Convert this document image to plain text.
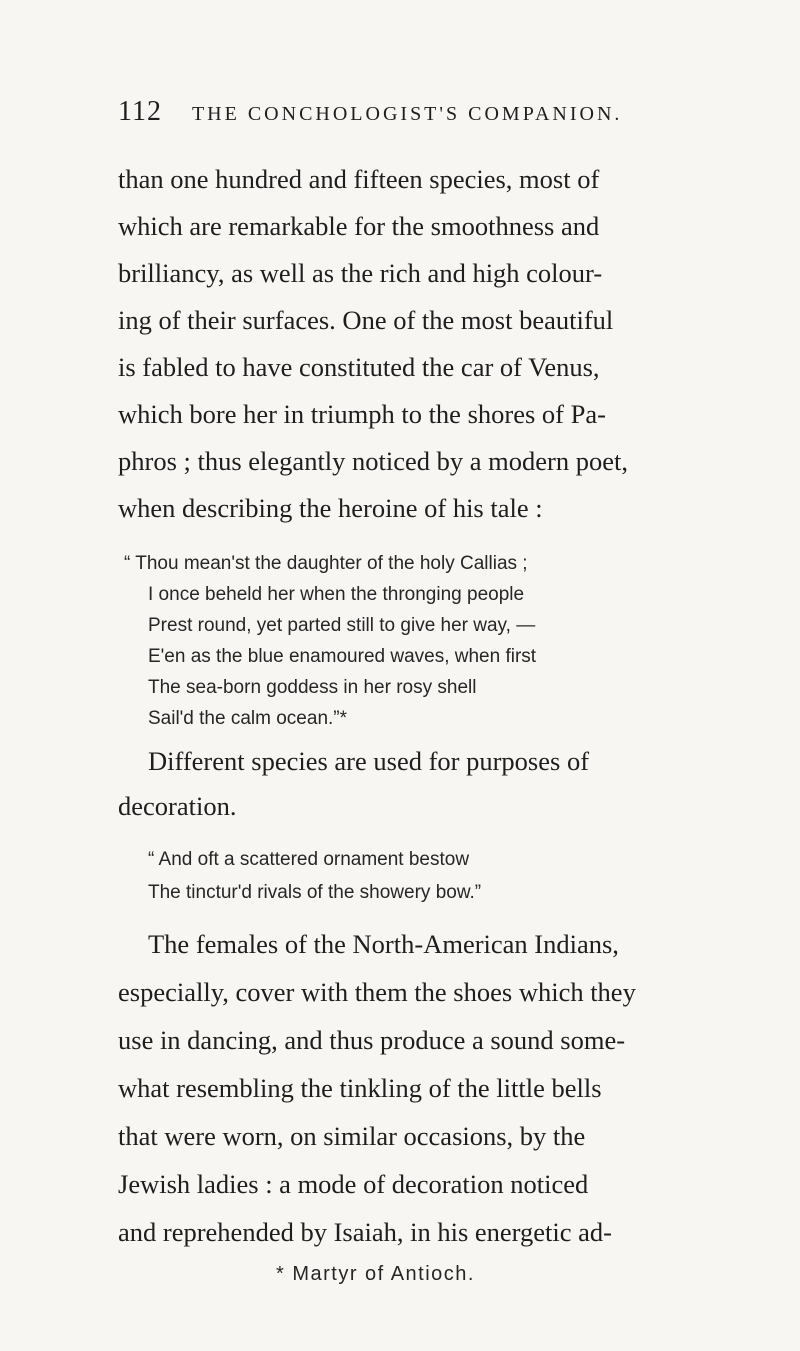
112 THE CONCHOLOGIST'S COMPANION.
than one hundred and fifteen species, most of
which are remarkable for the smoothness and
brilliancy, as well as the rich and high colour-
ing of their surfaces. One of the most beautiful
is fabled to have constituted the car of Venus,
which bore her in triumph to the shores of Pa-
phros ; thus elegantly noticed by a modern poet,
when describing the heroine of his tale :
“ Thou mean'st the daughter of the holy Callias ;
I once beheld her when the thronging people
Prest round, yet parted still to give her way, —
E'en as the blue enamoured waves, when first
The sea-born goddess in her rosy shell
Sail'd the calm ocean.”*
Different species are used for purposes of
decoration.
“ And oft a scattered ornament bestow
The tinctur'd rivals of the showery bow.”
The females of the North-American Indians,
especially, cover with them the shoes which they
use in dancing, and thus produce a sound some-
what resembling the tinkling of the little bells
that were worn, on similar occasions, by the
Jewish ladies : a mode of decoration noticed
and reprehended by Isaiah, in his energetic ad-
* Martyr of Antioch.
